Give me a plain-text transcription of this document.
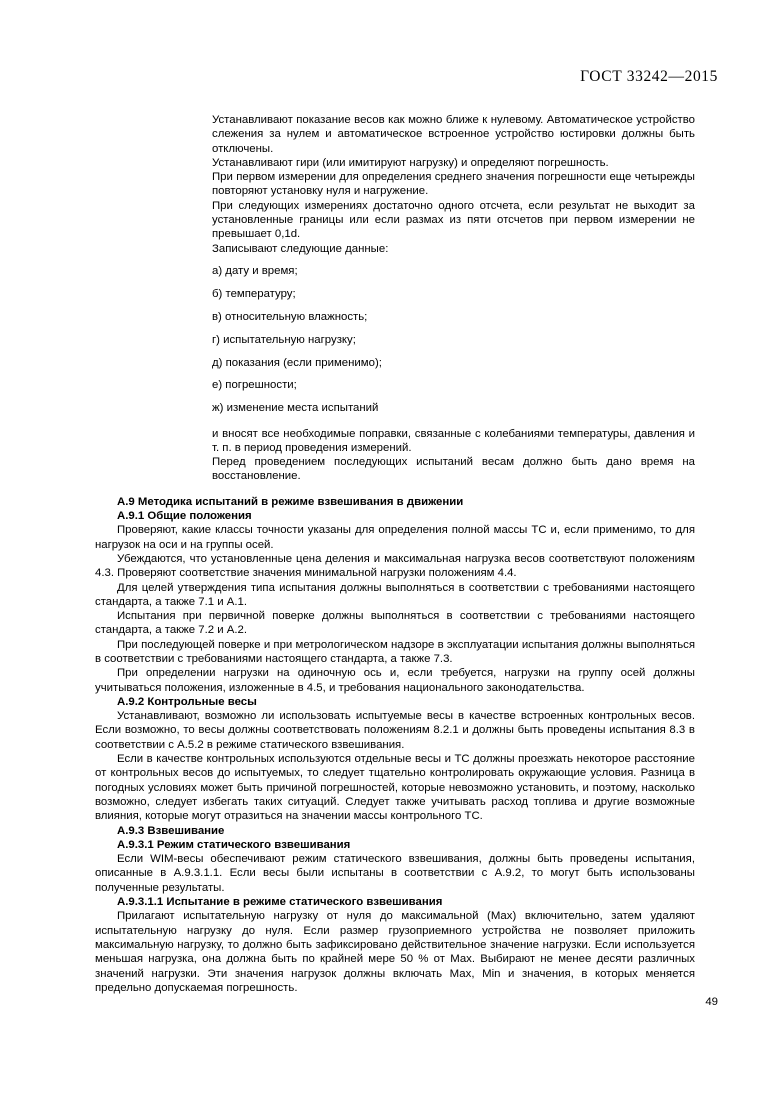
ГОСТ 33242—2015

Устанавливают показание весов как можно ближе к нулевому. Автоматическое устройство слежения за нулем и автоматическое встроенное устройство юстировки должны быть отключены.

Устанавливают гири (или имитируют нагрузку) и определяют погрешность.

При первом измерении для определения среднего значения погрешности еще четырежды повторяют установку нуля и нагружение.

При следующих измерениях достаточно одного отсчета, если результат не выходит за установленные границы или если размах из пяти отсчетов при первом измерении не превышает 0,1d.

Записывают следующие данные:

а) дату и время;

б) температуру;

в) относительную влажность;

г) испытательную нагрузку;

д) показания (если применимо);

е) погрешности;

ж) изменение места испытаний

и вносят все необходимые поправки, связанные с колебаниями температуры, давления и т. п. в период проведения измерений.

Перед проведением последующих испытаний весам должно быть дано время на восстановление.

А.9 Методика испытаний в режиме взвешивания в движении

А.9.1 Общие положения

Проверяют, какие классы точности указаны для определения полной массы ТС и, если применимо, то для нагрузок на оси и на группы осей.

Убеждаются, что установленные цена деления и максимальная нагрузка весов соответствуют положениям 4.3. Проверяют соответствие значения минимальной нагрузки положениям 4.4.

Для целей утверждения типа испытания должны выполняться в соответствии с требованиями настоящего стандарта, а также 7.1 и А.1.

Испытания при первичной поверке должны выполняться в соответствии с требованиями настоящего стандарта, а также 7.2 и А.2.

При последующей поверке и при метрологическом надзоре в эксплуатации испытания должны выполняться в соответствии с требованиями настоящего стандарта, а также 7.3.

При определении нагрузки на одиночную ось и, если требуется, нагрузки на группу осей должны учитываться положения, изложенные в 4.5, и требования национального законодательства.

А.9.2 Контрольные весы

Устанавливают, возможно ли использовать испытуемые весы в качестве встроенных контрольных весов. Если возможно, то весы должны соответствовать положениям 8.2.1 и должны быть проведены испытания 8.3 в соответствии с А.5.2 в режиме статического взвешивания.

Если в качестве контрольных используются отдельные весы и ТС должны проезжать некоторое расстояние от контрольных весов до испытуемых, то следует тщательно контролировать окружающие условия. Разница в погодных условиях может быть причиной погрешностей, которые невозможно установить, и поэтому, насколько возможно, следует избегать таких ситуаций. Следует также учитывать расход топлива и другие возможные влияния, которые могут отразиться на значении массы контрольного ТС.

А.9.3 Взвешивание

А.9.3.1 Режим статического взвешивания

Если WIM-весы обеспечивают режим статического взвешивания, должны быть проведены испытания, описанные в А.9.3.1.1. Если весы были испытаны в соответствии с А.9.2, то могут быть использованы полученные результаты.

А.9.3.1.1 Испытание в режиме статического взвешивания

Прилагают испытательную нагрузку от нуля до максимальной (Мах) включительно, затем удаляют испытательную нагрузку до нуля. Если размер грузоприемного устройства не позволяет приложить максимальную нагрузку, то должно быть зафиксировано действительное значение нагрузки. Если используется меньшая нагрузка, она должна быть по крайней мере 50 % от Мах. Выбирают не менее десяти различных значений нагрузки. Эти значения нагрузок должны включать Мах, Min и значения, в которых меняется предельно допускаемая погрешность.

49
